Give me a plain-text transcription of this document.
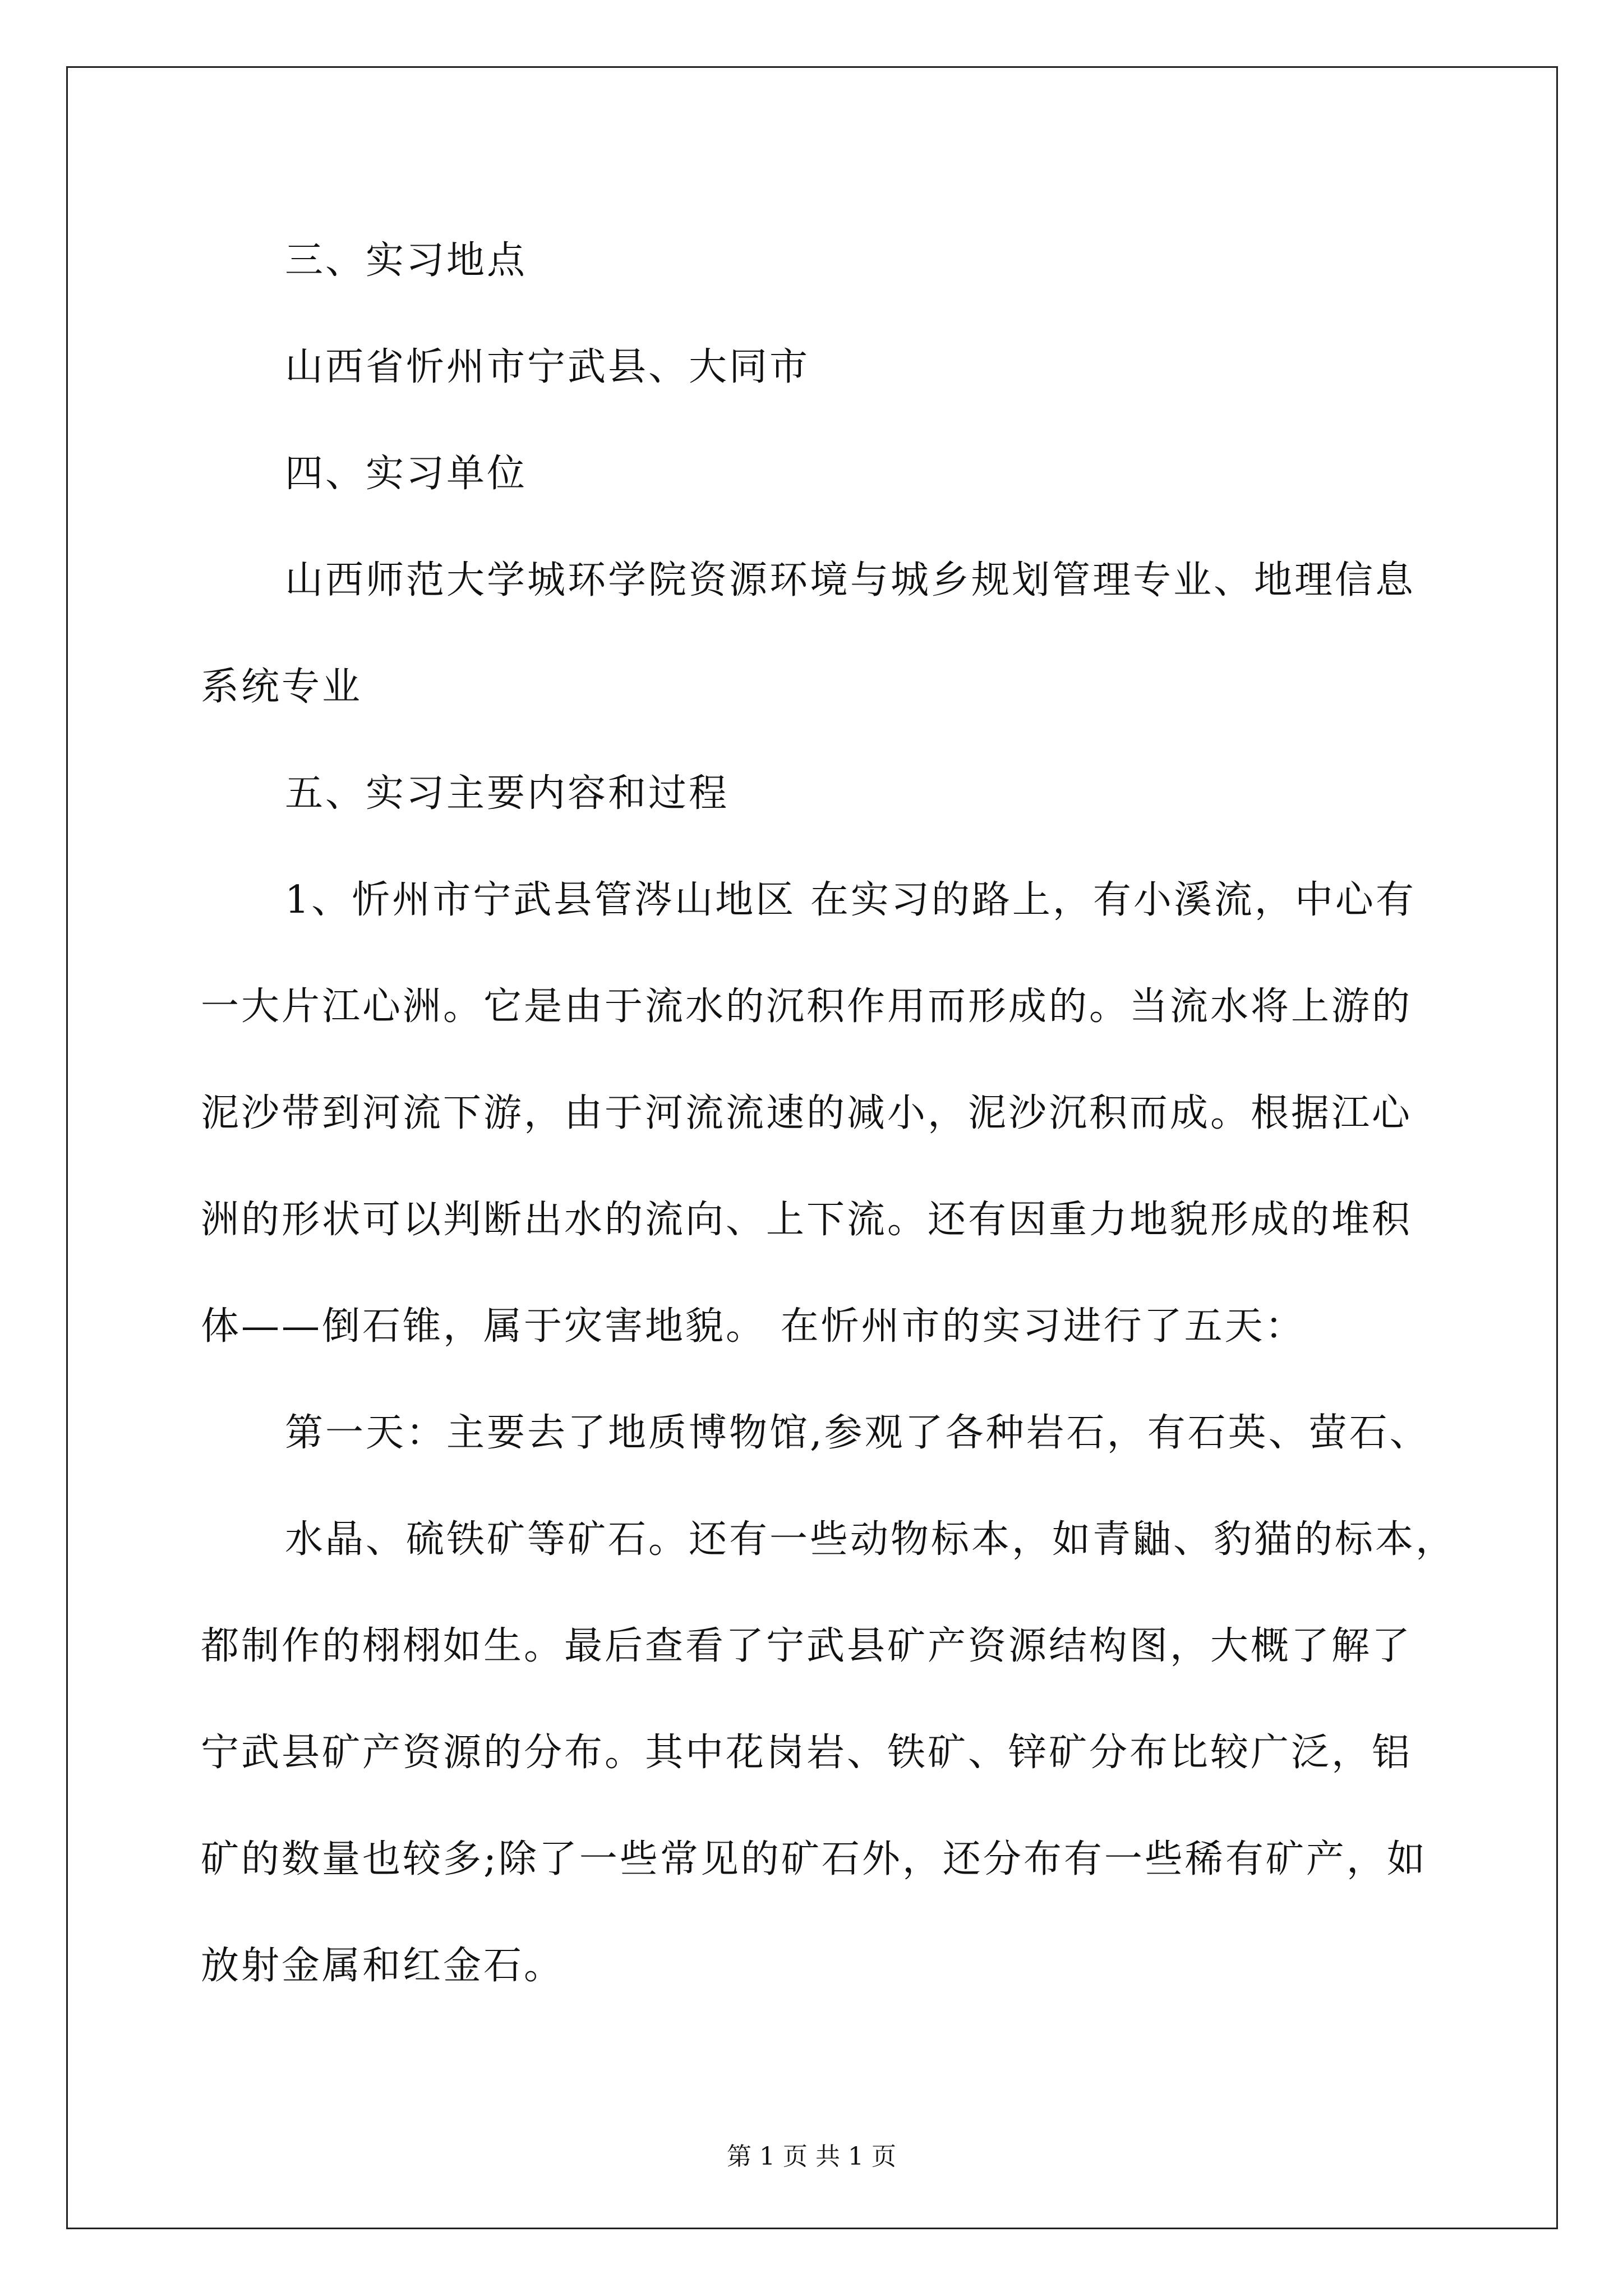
三、实习地点
山西省忻州市宁武县、大同市
四、实习单位
山西师范大学城环学院资源环境与城乡规划管理专业、地理信息
系统专业
五、实习主要内容和过程
1、忻州市宁武县管涔山地区 在实习的路上，有小溪流，中心有
一大片江心洲。它是由于流水的沉积作用而形成的。当流水将上游的
泥沙带到河流下游，由于河流流速的减小，泥沙沉积而成。根据江心
洲的形状可以判断出水的流向、上下流。还有因重力地貌形成的堆积
体——倒石锥，属于灾害地貌。 在忻州市的实习进行了五天：
第一天：主要去了地质博物馆,参观了各种岩石，有石英、萤石、
水晶、硫铁矿等矿石。还有一些动物标本，如青鼬、豹猫的标本，
都制作的栩栩如生。最后查看了宁武县矿产资源结构图，大概了解了
宁武县矿产资源的分布。其中花岗岩、铁矿、锌矿分布比较广泛，铝
矿的数量也较多;除了一些常见的矿石外，还分布有一些稀有矿产，如
放射金属和红金石。
第 1 页 共 1 页
